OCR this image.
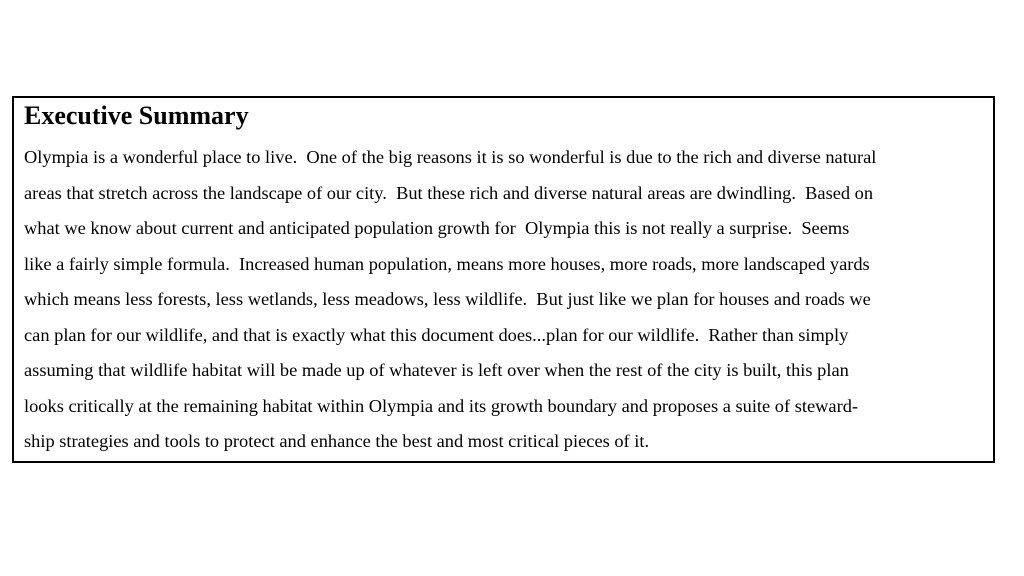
Executive Summary
Olympia is a wonderful place to live.  One of the big reasons it is so wonderful is due to the rich and diverse natural
areas that stretch across the landscape of our city.  But these rich and diverse natural areas are dwindling.  Based on
what we know about current and anticipated population growth for  Olympia this is not really a surprise.  Seems
like a fairly simple formula.  Increased human population, means more houses, more roads, more landscaped yards
which means less forests, less wetlands, less meadows, less wildlife.  But just like we plan for houses and roads we
can plan for our wildlife, and that is exactly what this document does...plan for our wildlife.  Rather than simply
assuming that wildlife habitat will be made up of whatever is left over when the rest of the city is built, this plan
looks critically at the remaining habitat within Olympia and its growth boundary and proposes a suite of steward-
ship strategies and tools to protect and enhance the best and most critical pieces of it.
